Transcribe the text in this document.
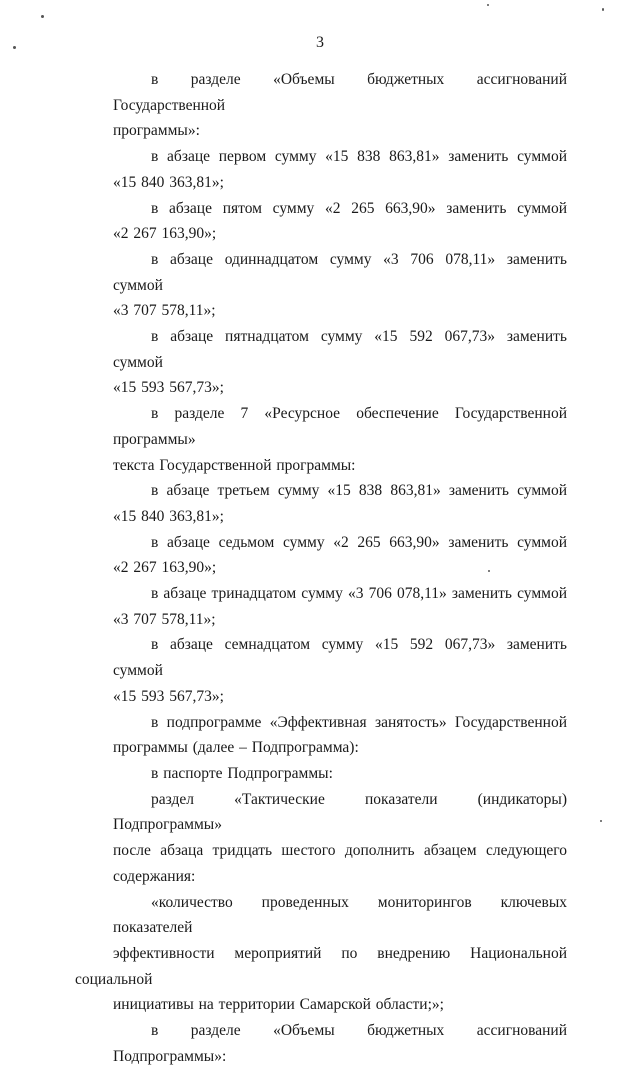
3

в разделе «Объемы бюджетных ассигнований Государственной
программы»:

в абзаце первом сумму «15 838 863,81» заменить суммой
«15 840 363,81»;

в абзаце пятом сумму «2 265 663,90» заменить суммой
«2 267 163,90»;

в абзаце одиннадцатом сумму «3 706 078,11» заменить суммой
«3 707 578,11»;

в абзаце пятнадцатом сумму «15 592 067,73» заменить суммой
«15 593 567,73»;

в разделе 7 «Ресурсное обеспечение Государственной программы»
текста Государственной программы:

в абзаце третьем сумму «15 838 863,81» заменить суммой
«15 840 363,81»;

в абзаце седьмом сумму «2 265 663,90» заменить суммой
«2 267 163,90»;

в абзаце тринадцатом сумму «3 706 078,11» заменить суммой
«3 707 578,11»;

в абзаце семнадцатом сумму «15 592 067,73» заменить суммой
«15 593 567,73»;

в подпрограмме «Эффективная занятость» Государственной
программы (далее – Подпрограмма):

в паспорте Подпрограммы:

раздел «Тактические показатели (индикаторы) Подпрограммы»
после абзаца тридцать шестого дополнить абзацем следующего
содержания:

«количество проведенных мониторингов ключевых показателей
эффективности мероприятий по внедрению Национальной социальной
инициативы на территории Самарской области;»;

в разделе «Объемы бюджетных ассигнований Подпрограммы»:
